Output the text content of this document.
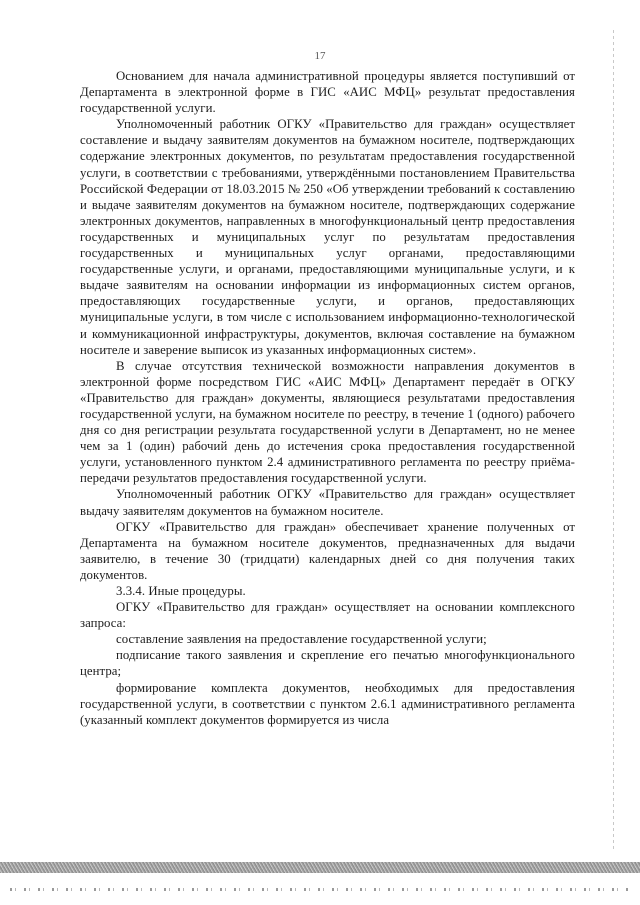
17

Основанием для начала административной процедуры является поступивший от Департамента в электронной форме в ГИС «АИС МФЦ» результат предоставления государственной услуги.

Уполномоченный работник ОГКУ «Правительство для граждан» осуществляет составление и выдачу заявителям документов на бумажном носителе, подтверждающих содержание электронных документов, по результатам предоставления государственной услуги, в соответствии с требованиями, утверждёнными постановлением Правительства Российской Федерации от 18.03.2015 № 250 «Об утверждении требований к составлению и выдаче заявителям документов на бумажном носителе, подтверждающих содержание электронных документов, направленных в многофункциональный центр предоставления государственных и муниципальных услуг по результатам предоставления государственных и муниципальных услуг органами, предоставляющими государственные услуги, и органами, предоставляющими муниципальные услуги, и к выдаче заявителям на основании информации из информационных систем органов, предоставляющих государственные услуги, и органов, предоставляющих муниципальные услуги, в том числе с использованием информационно-технологической и коммуникационной инфраструктуры, документов, включая составление на бумажном носителе и заверение выписок из указанных информационных систем».

В случае отсутствия технической возможности направления документов в электронной форме посредством ГИС «АИС МФЦ» Департамент передаёт в ОГКУ «Правительство для граждан» документы, являющиеся результатами предоставления государственной услуги, на бумажном носителе по реестру, в течение 1 (одного) рабочего дня со дня регистрации результата государственной услуги в Департамент, но не менее чем за 1 (один) рабочий день до истечения срока предоставления государственной услуги, установленного пунктом 2.4 административного регламента по реестру приёма-передачи результатов предоставления государственной услуги.

Уполномоченный работник ОГКУ «Правительство для граждан» осуществляет выдачу заявителям документов на бумажном носителе.

ОГКУ «Правительство для граждан» обеспечивает хранение полученных от Департамента на бумажном носителе документов, предназначенных для выдачи заявителю, в течение 30 (тридцати) календарных дней со дня получения таких документов.

3.3.4. Иные процедуры.

ОГКУ «Правительство для граждан» осуществляет на основании комплексного запроса:

составление заявления на предоставление государственной услуги;

подписание такого заявления и скрепление его печатью многофункционального центра;

формирование комплекта документов, необходимых для предоставления государственной услуги, в соответствии с пунктом 2.6.1 административного регламента (указанный комплект документов формируется из числа
